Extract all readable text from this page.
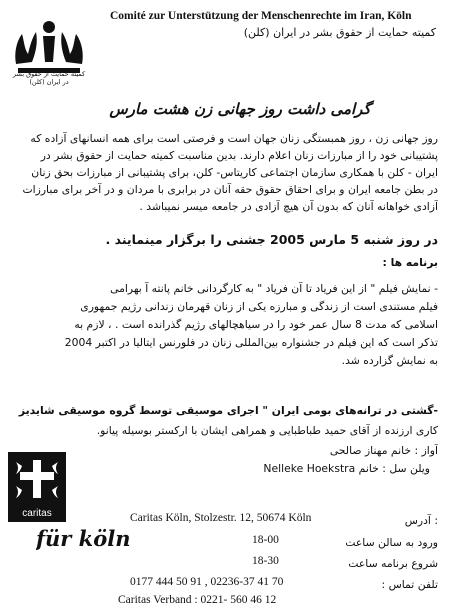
کمیته حمایت از حقوق بشر در ایران (کلن)
Comité zur Unterstützung der Menschenrechte im Iran, Köln
کمیته حمایت از حقوق بشر در ایران (کلن)
گرامی داشت روز جهانی زن هشت مارس
روز جهانی زن ، روز همبستگی زنان جهان است و فرصتی است برای همه انسانهای آزاده که
پشتیبانی خود را از مبارزات زنان اعلام دارند. بدین مناسبت کمیته حمایت از حقوق بشر در
ایران - کلن با همکاری سازمان اجتماعی کاریتاس- کلن، برای پشتیبانی از مبارزات بحق زنان
در بطن جامعه ایران و برای احقاق حقوق حقه آنان در برابری با مردان و در آخر برای مبارزات
آزادی خواهانه آنان که بدون آن هیچ آزادی در جامعه میسر نمیباشد .
در روز شنبه 5 مارس 2005 جشنی را برگزار مینمایند .
برنامه ها :
- نمایش فیلم " از این فریاد تا آن فریاد " به کارگردانی خانم پانته آ بهرامی
فیلم مستندی است از زندگی و مبارزه یکی از زنان قهرمان زندانی رژیم جمهوری
اسلامی که مدت 8 سال عمر خود را در سیاهچالهای رژیم گذرانده است . ، لازم به
تذکر است که این فیلم در جشنواره بین‌المللی زنان در فلورنس ایتالیا در اکتبر 2004
به نمایش گزارده شد.
-گشتی در ترانه‌های بومی ایران " اجرای موسیقی توسط گروه موسیقی شایدیز
کاری ارزنده از آقای حمید طباطبایی و همراهی ایشان با ارکستر بوسیله پیانو.
آواز : خانم مهناز صالحی
Nelleke Hoekstra ویلن سل : خانم
caritas
für köln
Caritas Köln, Stolzestr. 12, 50674 Köln	: آدرس
18-00	ورود به سالن ساعت
18-30	شروع برنامه ساعت
0177 444 50 91 , 02236-37 41 70	تلفن تماس :
Caritas Verband : 0221- 560 46 12
